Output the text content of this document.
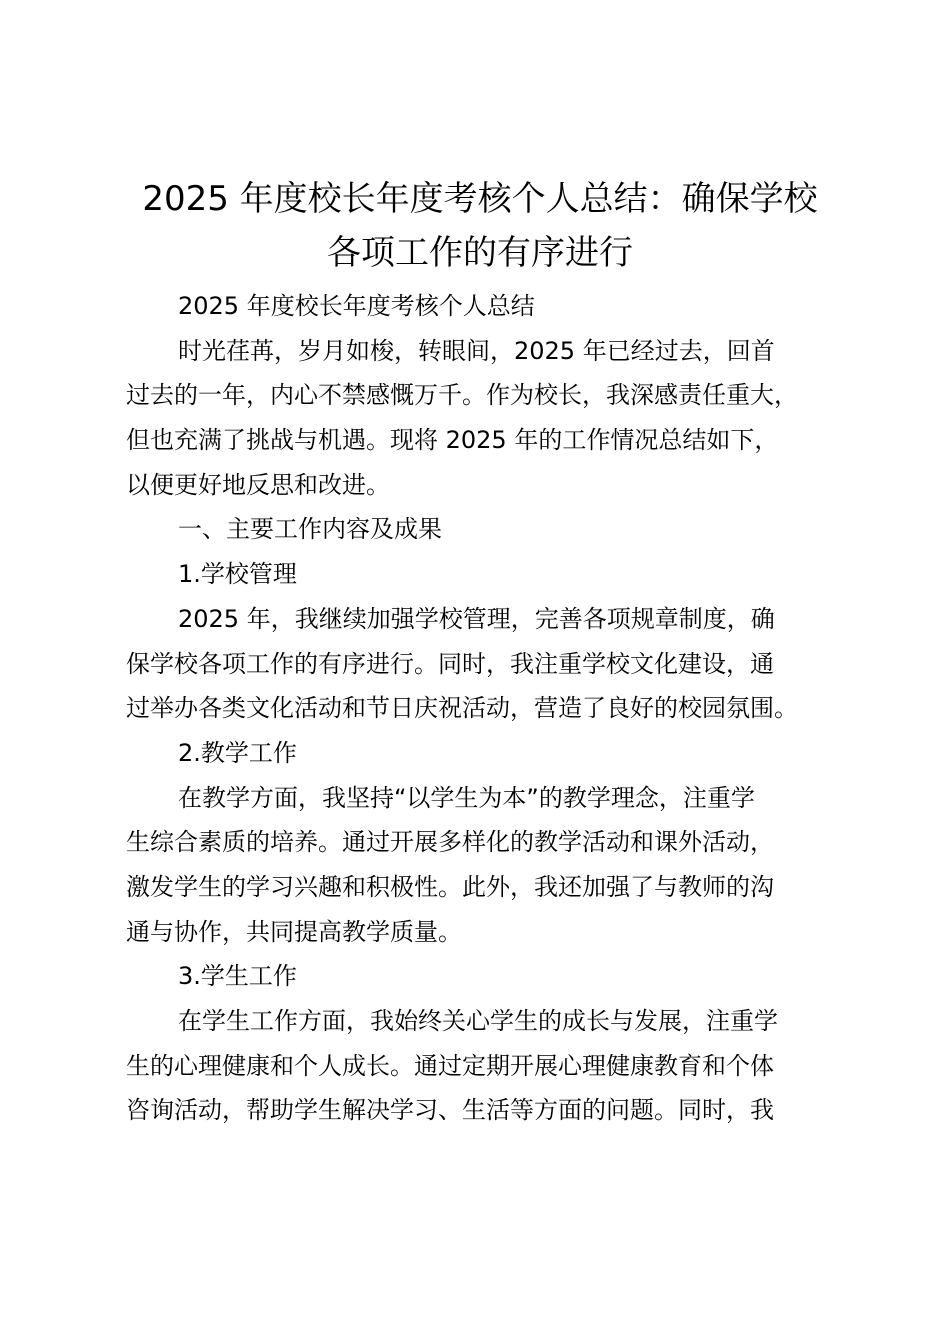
2025 年度校长年度考核个人总结：确保学校
各项工作的有序进行
2025 年度校长年度考核个人总结
时光荏苒，岁月如梭，转眼间，2025 年已经过去，回首
过去的一年，内心不禁感慨万千。作为校长，我深感责任重大，
但也充满了挑战与机遇。现将 2025 年的工作情况总结如下，
以便更好地反思和改进。
一、主要工作内容及成果
1.学校管理
2025 年，我继续加强学校管理，完善各项规章制度，确
保学校各项工作的有序进行。同时，我注重学校文化建设，通
过举办各类文化活动和节日庆祝活动，营造了良好的校园氛围。
2.教学工作
在教学方面，我坚持“以学生为本”的教学理念，注重学
生综合素质的培养。通过开展多样化的教学活动和课外活动，
激发学生的学习兴趣和积极性。此外，我还加强了与教师的沟
通与协作，共同提高教学质量。
3.学生工作
在学生工作方面，我始终关心学生的成长与发展，注重学
生的心理健康和个人成长。通过定期开展心理健康教育和个体
咨询活动，帮助学生解决学习、生活等方面的问题。同时，我
